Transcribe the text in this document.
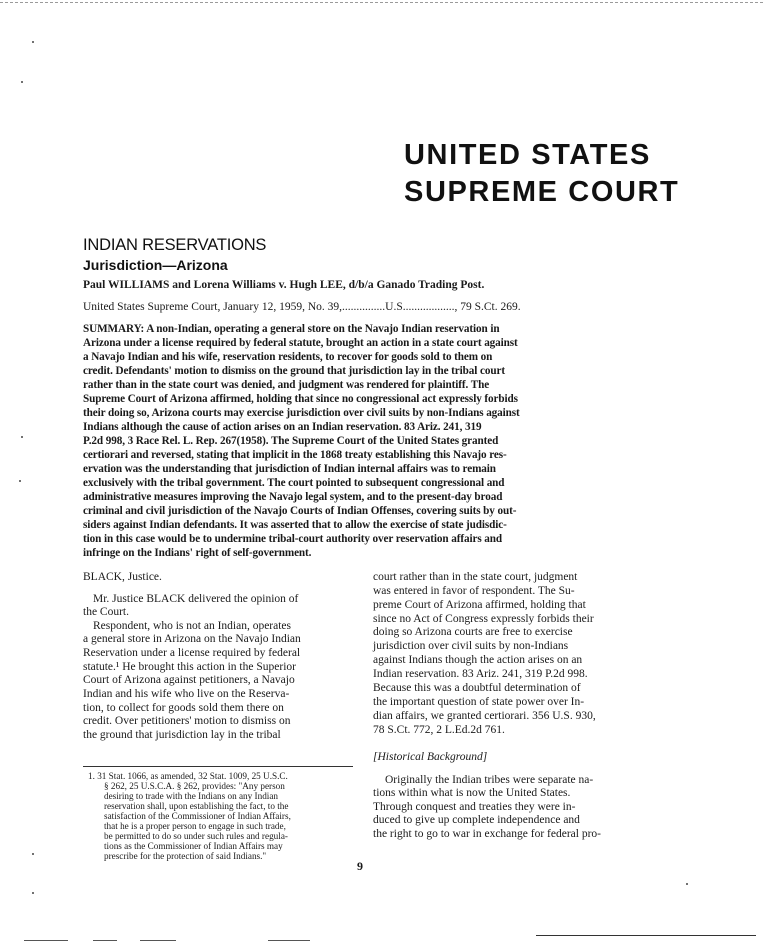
UNITED STATES
SUPREME COURT
INDIAN RESERVATIONS
Jurisdiction—Arizona
Paul WILLIAMS and Lorena Williams v. Hugh LEE, d/b/a Ganado Trading Post.
United States Supreme Court, January 12, 1959, No. 39,...............U.S.................., 79 S.Ct. 269.
SUMMARY: A non-Indian, operating a general store on the Navajo Indian reservation in
Arizona under a license required by federal statute, brought an action in a state court against
a Navajo Indian and his wife, reservation residents, to recover for goods sold to them on
credit. Defendants' motion to dismiss on the ground that jurisdiction lay in the tribal court
rather than in the state court was denied, and judgment was rendered for plaintiff. The
Supreme Court of Arizona affirmed, holding that since no congressional act expressly forbids
their doing so, Arizona courts may exercise jurisdiction over civil suits by non-Indians against
Indians although the cause of action arises on an Indian reservation. 83 Ariz. 241, 319
P.2d 998, 3 Race Rel. L. Rep. 267(1958). The Supreme Court of the United States granted
certiorari and reversed, stating that implicit in the 1868 treaty establishing this Navajo res-
ervation was the understanding that jurisdiction of Indian internal affairs was to remain
exclusively with the tribal government. The court pointed to subsequent congressional and
administrative measures improving the Navajo legal system, and to the present-day broad
criminal and civil jurisdiction of the Navajo Courts of Indian Offenses, covering suits by out-
siders against Indian defendants. It was asserted that to allow the exercise of state judisdic-
tion in this case would be to undermine tribal-court authority over reservation affairs and
infringe on the Indians' right of self-government.
BLACK, Justice.
Mr. Justice BLACK delivered the opinion of
the Court.
Respondent, who is not an Indian, operates
a general store in Arizona on the Navajo Indian
Reservation under a license required by federal
statute.¹ He brought this action in the Superior
Court of Arizona against petitioners, a Navajo
Indian and his wife who live on the Reserva-
tion, to collect for goods sold them there on
credit. Over petitioners' motion to dismiss on
the ground that jurisdiction lay in the tribal
1. 31 Stat. 1066, as amended, 32 Stat. 1009, 25 U.S.C.
§ 262, 25 U.S.C.A. § 262, provides: "Any person
desiring to trade with the Indians on any Indian
reservation shall, upon establishing the fact, to the
satisfaction of the Commissioner of Indian Affairs,
that he is a proper person to engage in such trade,
be permitted to do so under such rules and regula-
tions as the Commissioner of Indian Affairs may
prescribe for the protection of said Indians."
court rather than in the state court, judgment
was entered in favor of respondent. The Su-
preme Court of Arizona affirmed, holding that
since no Act of Congress expressly forbids their
doing so Arizona courts are free to exercise
jurisdiction over civil suits by non-Indians
against Indians though the action arises on an
Indian reservation. 83 Ariz. 241, 319 P.2d 998.
Because this was a doubtful determination of
the important question of state power over In-
dian affairs, we granted certiorari. 356 U.S. 930,
78 S.Ct. 772, 2 L.Ed.2d 761.
[Historical Background]
Originally the Indian tribes were separate na-
tions within what is now the United States.
Through conquest and treaties they were in-
duced to give up complete independence and
the right to go to war in exchange for federal pro-
9
